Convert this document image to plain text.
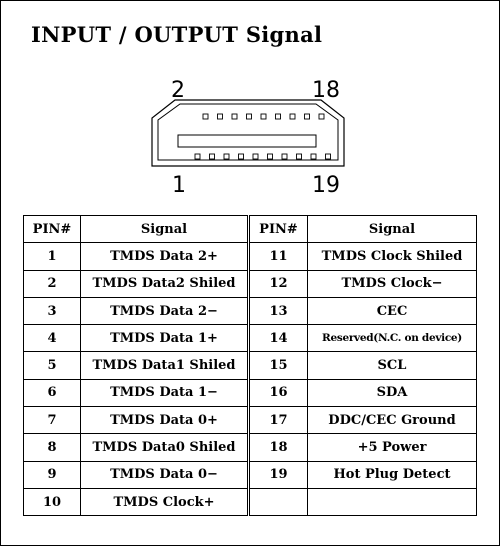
INPUT / OUTPUT Signal
2	18
1	19
PIN#	Signal	PIN#	Signal
1	TMDS Data 2+	11	TMDS Clock Shiled
2	TMDS Data2 Shiled	12	TMDS Clock−
3	TMDS Data 2−	13	CEC
4	TMDS Data 1+	14	Reserved(N.C. on device)
5	TMDS Data1 Shiled	15	SCL
6	TMDS Data 1−	16	SDA
7	TMDS Data 0+	17	DDC/CEC Ground
8	TMDS Data0 Shiled	18	+5 Power
9	TMDS Data 0−	19	Hot Plug Detect
10	TMDS Clock+		
